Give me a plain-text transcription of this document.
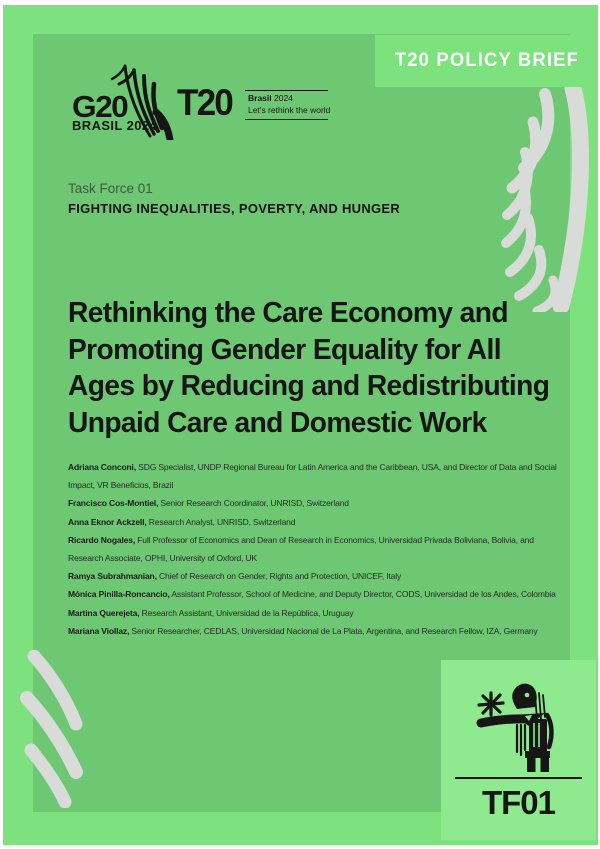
T20 POLICY BRIEF
G20
BRASIL 2024
T20 Brasil 2024
Let's rethink the world
Task Force 01
FIGHTING INEQUALITIES, POVERTY, AND HUNGER
Rethinking the Care Economy and
Promoting Gender Equality for All
Ages by Reducing and Redistributing
Unpaid Care and Domestic Work
Adriana Conconi, SDG Specialist, UNDP Regional Bureau for Latin America and the Caribbean, USA, and Director of Data and Social
Impact, VR Beneficios, Brazil
Francisco Cos-Montiel, Senior Research Coordinator, UNRISD, Switzerland
Anna Eknor Ackzell, Research Analyst, UNRISD, Switzerland
Ricardo Nogales, Full Professor of Economics and Dean of Research in Economics, Universidad Privada Boliviana, Bolivia, and
Research Associate, OPHI, University of Oxford, UK
Ramya Subrahmanian, Chief of Research on Gender, Rights and Protection, UNICEF, Italy
Mónica Pinilla-Roncancio, Assistant Professor, School of Medicine, and Deputy Director, CODS, Universidad de los Andes, Colombia
Martina Querejeta, Research Assistant, Universidad de la República, Uruguay
Mariana Viollaz, Senior Researcher, CEDLAS, Universidad Nacional de La Plata, Argentina, and Research Fellow, IZA, Germany
TF01
